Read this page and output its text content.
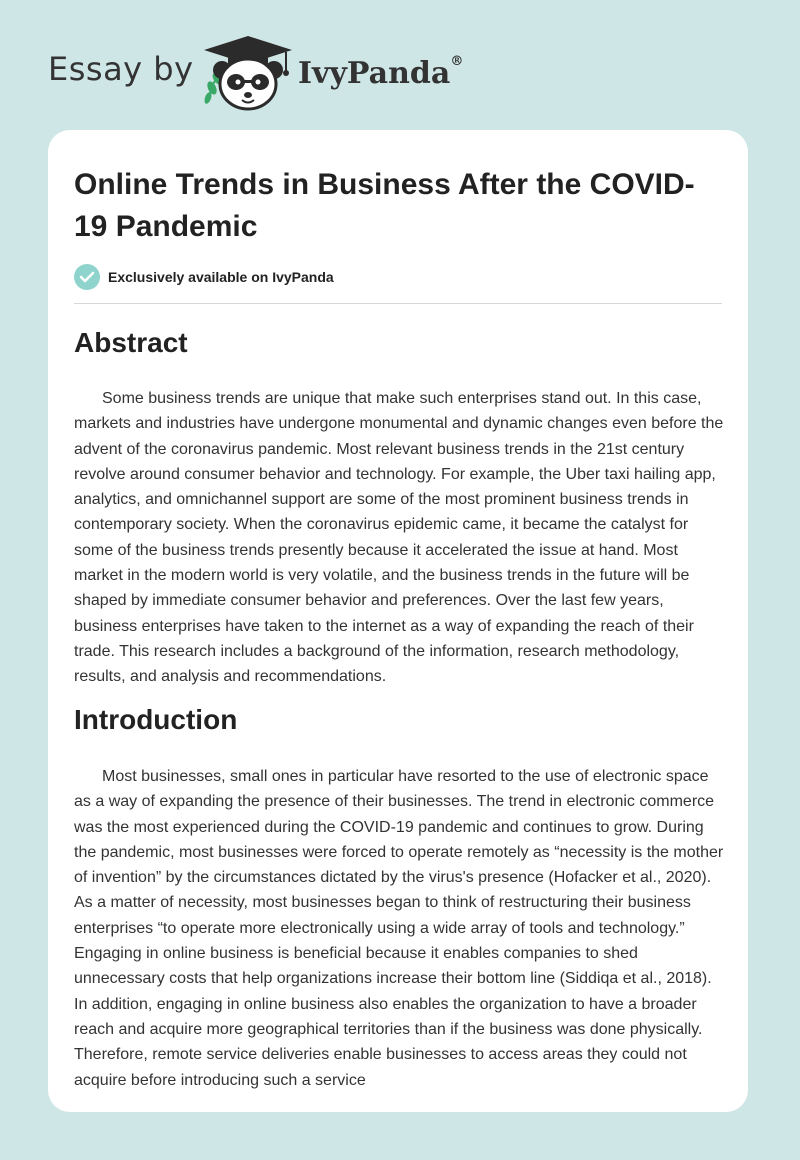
Essay by	IvyPanda®
Online Trends in Business After the COVID-19 Pandemic
Exclusively available on IvyPanda
Abstract

Some business trends are unique that make such enterprises stand out. In this case, markets and industries have undergone monumental and dynamic changes even before the advent of the coronavirus pandemic. Most relevant business trends in the 21st century revolve around consumer behavior and technology. For example, the Uber taxi hailing app, analytics, and omnichannel support are some of the most prominent business trends in contemporary society. When the coronavirus epidemic came, it became the catalyst for some of the business trends presently because it accelerated the issue at hand. Most market in the modern world is very volatile, and the business trends in the future will be shaped by immediate consumer behavior and preferences. Over the last few years, business enterprises have taken to the internet as a way of expanding the reach of their trade. This research includes a background of the information, research methodology, results, and analysis and recommendations.

Introduction

Most businesses, small ones in particular have resorted to the use of electronic space as a way of expanding the presence of their businesses. The trend in electronic commerce was the most experienced during the COVID-19 pandemic and continues to grow. During the pandemic, most businesses were forced to operate remotely as “necessity is the mother of invention” by the circumstances dictated by the virus's presence (Hofacker et al., 2020). As a matter of necessity, most businesses began to think of restructuring their business enterprises “to operate more electronically using a wide array of tools and technology.” Engaging in online business is beneficial because it enables companies to shed unnecessary costs that help organizations increase their bottom line (Siddiqa et al., 2018). In addition, engaging in online business also enables the organization to have a broader reach and acquire more geographical territories than if the business was done physically. Therefore, remote service deliveries enable businesses to access areas they could not acquire before introducing such a service
